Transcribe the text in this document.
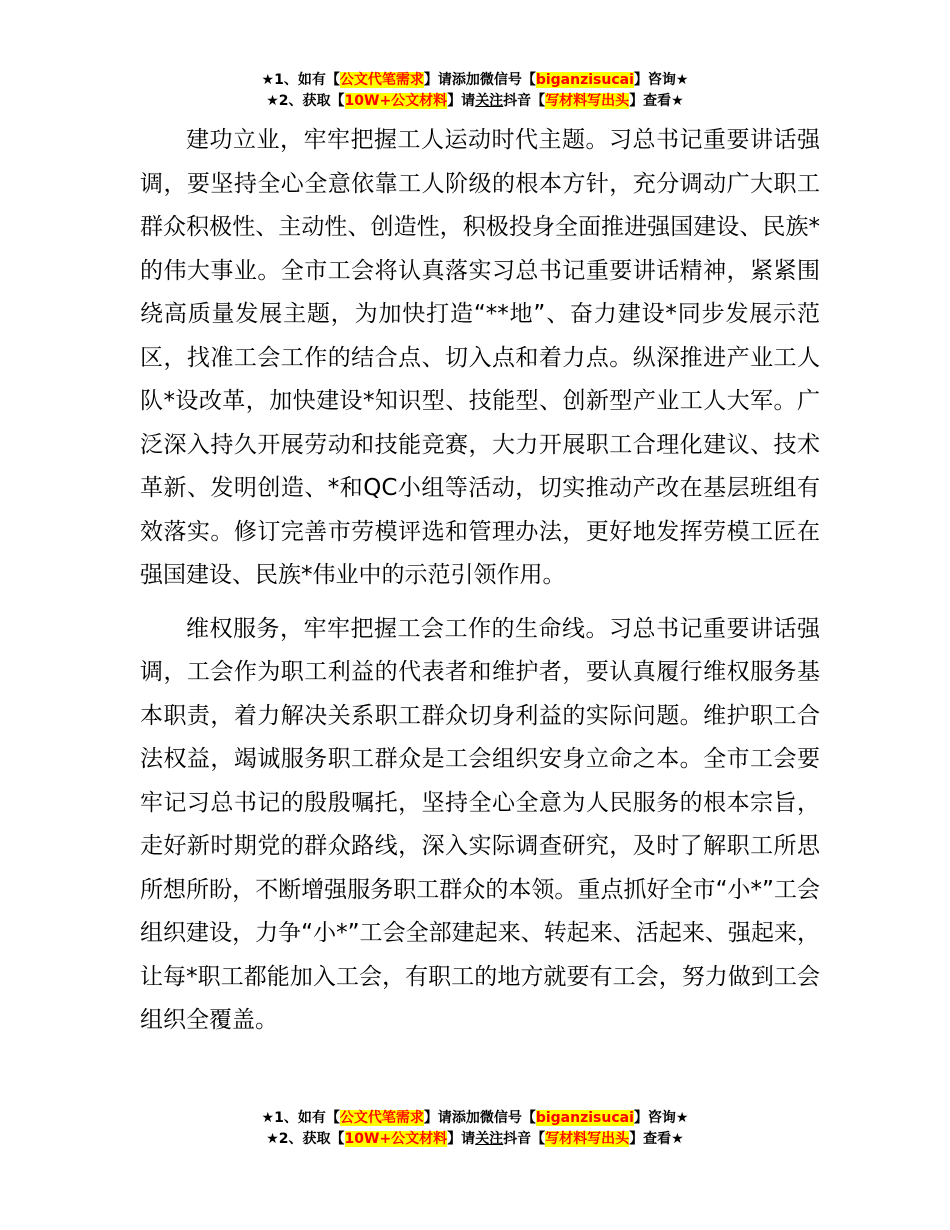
★1、如有【公文代笔需求】请添加微信号【biganzisucai】咨询★
★2、获取【10W+公文材料】请关注抖音【写材料写出头】查看★

建功立业，牢牢把握工人运动时代主题。习总书记重要讲话强调，要坚持全心全意依靠工人阶级的根本方针，充分调动广大职工群众积极性、主动性、创造性，积极投身全面推进强国建设、民族*的伟大事业。全市工会将认真落实习总书记重要讲话精神，紧紧围绕高质量发展主题，为加快打造“**地”、奋力建设*同步发展示范区，找准工会工作的结合点、切入点和着力点。纵深推进产业工人队*设改革，加快建设*知识型、技能型、创新型产业工人大军。广泛深入持久开展劳动和技能竞赛，大力开展职工合理化建议、技术革新、发明创造、*和QC小组等活动，切实推动产改在基层班组有效落实。修订完善市劳模评选和管理办法，更好地发挥劳模工匠在强国建设、民族*伟业中的示范引领作用。

维权服务，牢牢把握工会工作的生命线。习总书记重要讲话强调，工会作为职工利益的代表者和维护者，要认真履行维权服务基本职责，着力解决关系职工群众切身利益的实际问题。维护职工合法权益，竭诚服务职工群众是工会组织安身立命之本。全市工会要牢记习总书记的殷殷嘱托，坚持全心全意为人民服务的根本宗旨，走好新时期党的群众路线，深入实际调查研究，及时了解职工所思所想所盼，不断增强服务职工群众的本领。重点抓好全市“小*”工会组织建设，力争“小*”工会全部建起来、转起来、活起来、强起来，让每*职工都能加入工会，有职工的地方就要有工会，努力做到工会组织全覆盖。

★1、如有【公文代笔需求】请添加微信号【biganzisucai】咨询★
★2、获取【10W+公文材料】请关注抖音【写材料写出头】查看★
